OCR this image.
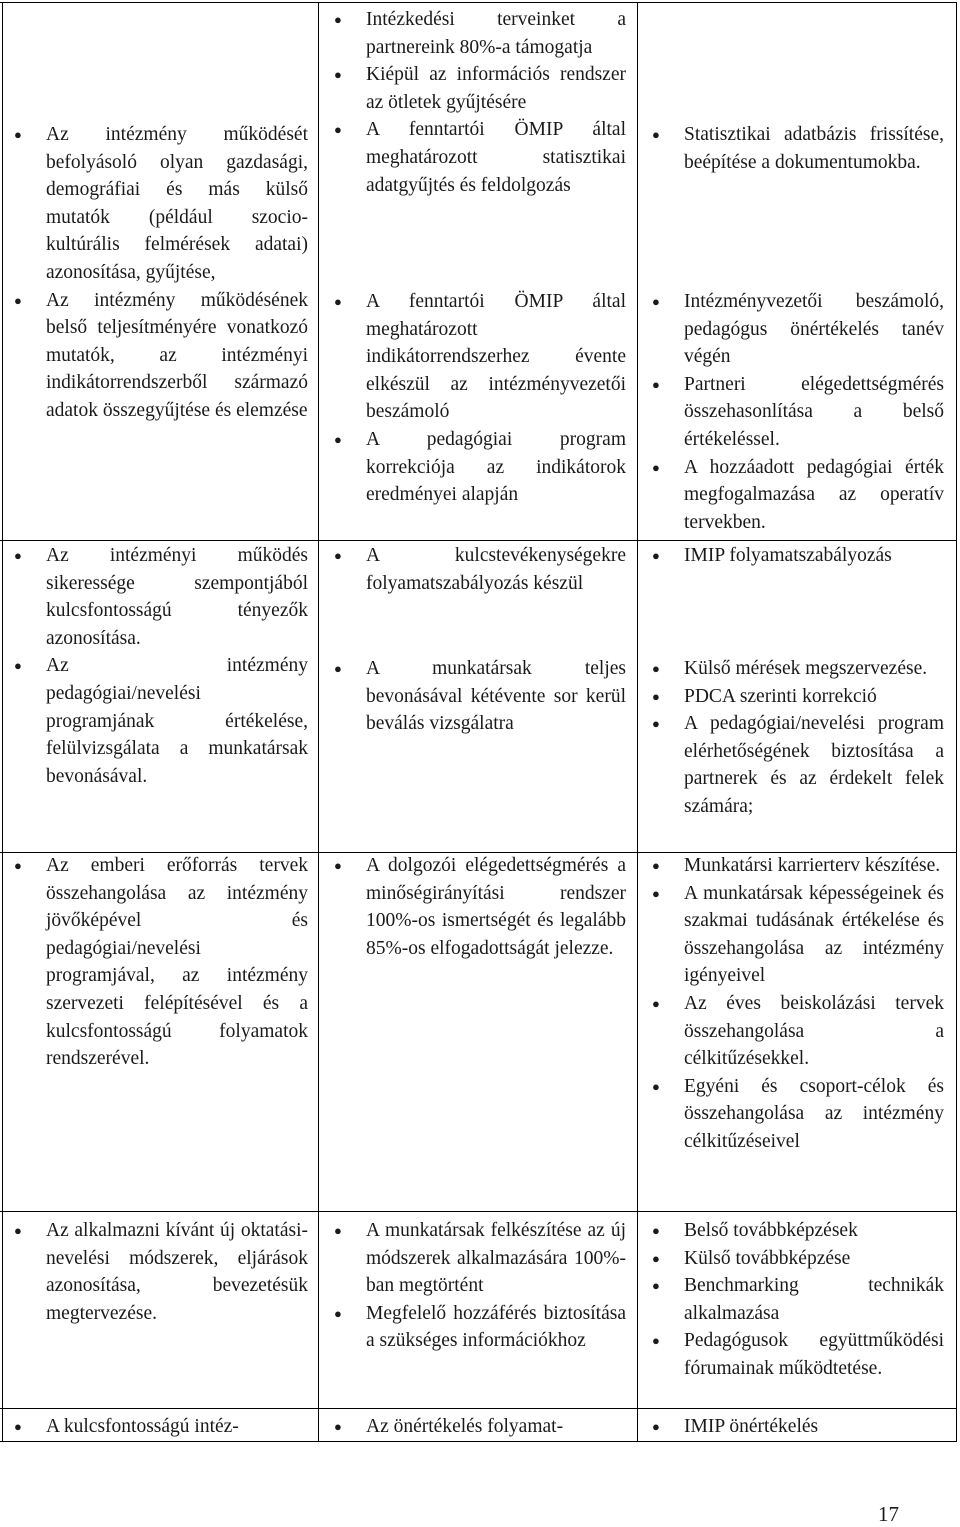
● Az intézmény működését befolyásoló olyan gazdasági, demográfiai és más külső mutatók (például szocio-kultúrális felmérések adatai) azonosítása, gyűjtése,
● Az intézmény működésének belső teljesítményére vonatkozó mutatók, az intézményi indikátorrendszerből származó adatok összegyűjtése és elemzése
● Intézkedési terveinket a partnereink 80%-a támogatja
● Kiépül az információs rendszer az ötletek gyűjtésére
● A fenntartói ÖMIP által meghatározott statisztikai adatgyűjtés és feldolgozás
● A fenntartói ÖMIP által meghatározott indikátorrendszerhez évente elkészül az intézményvezetői beszámoló
● A pedagógiai program korrekciója az indikátorok eredményei alapján
● Statisztikai adatbázis frissítése, beépítése a dokumentumokba.
● Intézményvezetői beszámoló, pedagógus önértékelés tanév végén
● Partneri elégedettségmérés összehasonlítása a belső értékeléssel.
● A hozzáadott pedagógiai érték megfogalmazása az operatív tervekben.
● Az intézményi működés sikeressége szempontjából kulcsfontosságú tényezők azonosítása.
● Az intézmény pedagógiai/nevelési programjának értékelése, felülvizsgálata a munkatársak bevonásával.
● A kulcstevékenységekre folyamatszabályozás készül
● A munkatársak teljes bevonásával kétévente sor kerül beválás vizsgálatra
● IMIP folyamatszabályozás
● Külső mérések megszervezése.
● PDCA szerinti korrekció
● A pedagógiai/nevelési program elérhetőségének biztosítása a partnerek és az érdekelt felek számára;
● Az emberi erőforrás tervek összehangolása az intézmény jövőképével és pedagógiai/nevelési programjával, az intézmény szervezeti felépítésével és a kulcsfontosságú folyamatok rendszerével.
● A dolgozói elégedettségmérés a minőségirányítási rendszer 100%-os ismertségét és legalább 85%-os elfogadottságát jelezze.
● Munkatársi karrierterv készítése.
● A munkatársak képességeinek és szakmai tudásának értékelése és összehangolása az intézmény igényeivel
● Az éves beiskolázási tervek összehangolása a célkitűzésekkel.
● Egyéni és csoport-célok és összehangolása az intézmény célkitűzéseivel
● Az alkalmazni kívánt új oktatási-nevelési módszerek, eljárások azonosítása, bevezetésük megtervezése.
● A munkatársak felkészítése az új módszerek alkalmazására 100%-ban megtörtént
● Megfelelő hozzáférés biztosítása a szükséges információkhoz
● Belső továbbképzések
● Külső továbbképzése
● Benchmarking technikák alkalmazása
● Pedagógusok együttműködési fórumainak működtetése.
● A kulcsfontosságú intéz-	● Az önértékelés folyamat-	● IMIP önértékelés
17
